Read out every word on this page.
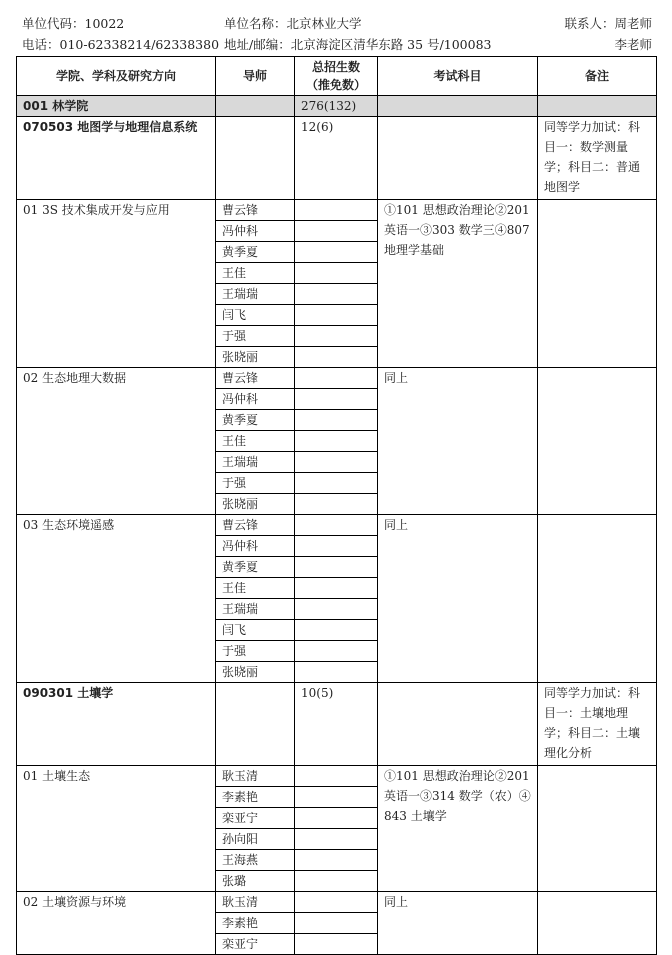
单位代码：10022	单位名称：北京林业大学	联系人：周老师
电话：010-62338214/62338380 地址/邮编：北京海淀区清华东路 35 号/100083	李老师
学院、学科及研究方向	导师	总招生数
（推免数）	考试科目	备注
001 林学院		276(132)		
070503 地图学与地理信息系统		12(6)		同等学力加试：科目一：数学测量学；科目二：普通地图学
01 3S 技术集成开发与应用	曹云锋		①101 思想政治理论②201 英语一③303 数学三④807 地理学基础	
	冯仲科			
	黄季夏			
	王佳			
	王瑞瑞			
	闫飞			
	于强			
	张晓丽			
02 生态地理大数据	曹云锋		同上	
	冯仲科			
	黄季夏			
	王佳			
	王瑞瑞			
	于强			
	张晓丽			
03 生态环境遥感	曹云锋		同上	
	冯仲科			
	黄季夏			
	王佳			
	王瑞瑞			
	闫飞			
	于强			
	张晓丽			
090301 土壤学		10(5)		同等学力加试：科目一：土壤地理学；科目二：土壤理化分析
01 土壤生态	耿玉清		①101 思想政治理论②201 英语一③314 数学（农）④843 土壤学	
	李素艳			
	栾亚宁			
	孙向阳			
	王海燕			
	张璐			
02 土壤资源与环境	耿玉清		同上	
	李素艳			
	栾亚宁			
